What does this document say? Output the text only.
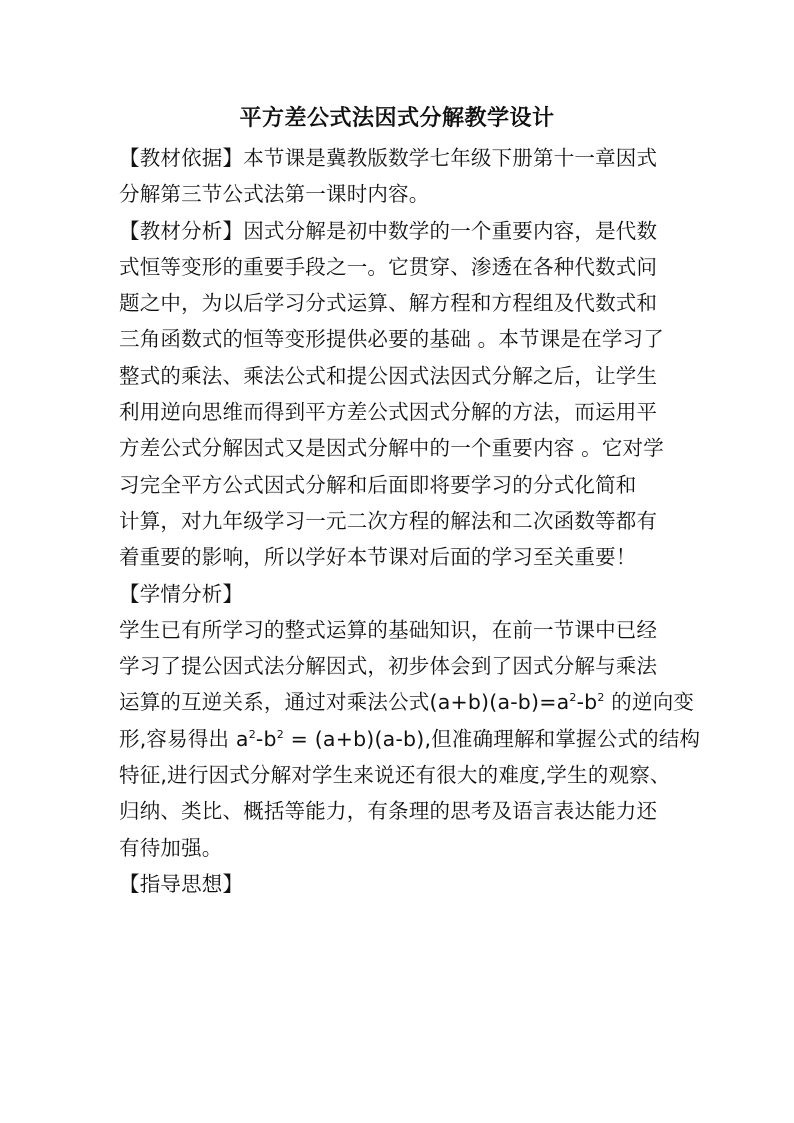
平方差公式法因式分解教学设计
【教材依据】本节课是冀教版数学七年级下册第十一章因式
分解第三节公式法第一课时内容。
【教材分析】因式分解是初中数学的一个重要内容，是代数
式恒等变形的重要手段之一。它贯穿、渗透在各种代数式问
题之中，为以后学习分式运算、解方程和方程组及代数式和
三角函数式的恒等变形提供必要的基础 。本节课是在学习了
整式的乘法、乘法公式和提公因式法因式分解之后，让学生
利用逆向思维而得到平方差公式因式分解的方法，而运用平
方差公式分解因式又是因式分解中的一个重要内容 。它对学
习完全平方公式因式分解和后面即将要学习的分式化简和
计算，对九年级学习一元二次方程的解法和二次函数等都有
着重要的影响，所以学好本节课对后面的学习至关重要！
【学情分析】
学生已有所学习的整式运算的基础知识，在前一节课中已经
学习了提公因式法分解因式，初步体会到了因式分解与乘法
运算的互逆关系，通过对乘法公式$(a+b)(a-b)=a^2-b^2$ 的逆向变
形,容易得出 $a^2-b^2 = (a+b)(a-b)$,但准确理解和掌握公式的结构
特征,进行因式分解对学生来说还有很大的难度,学生的观察、
归纳、类比、概括等能力，有条理的思考及语言表达能力还
有待加强。
【指导思想】
